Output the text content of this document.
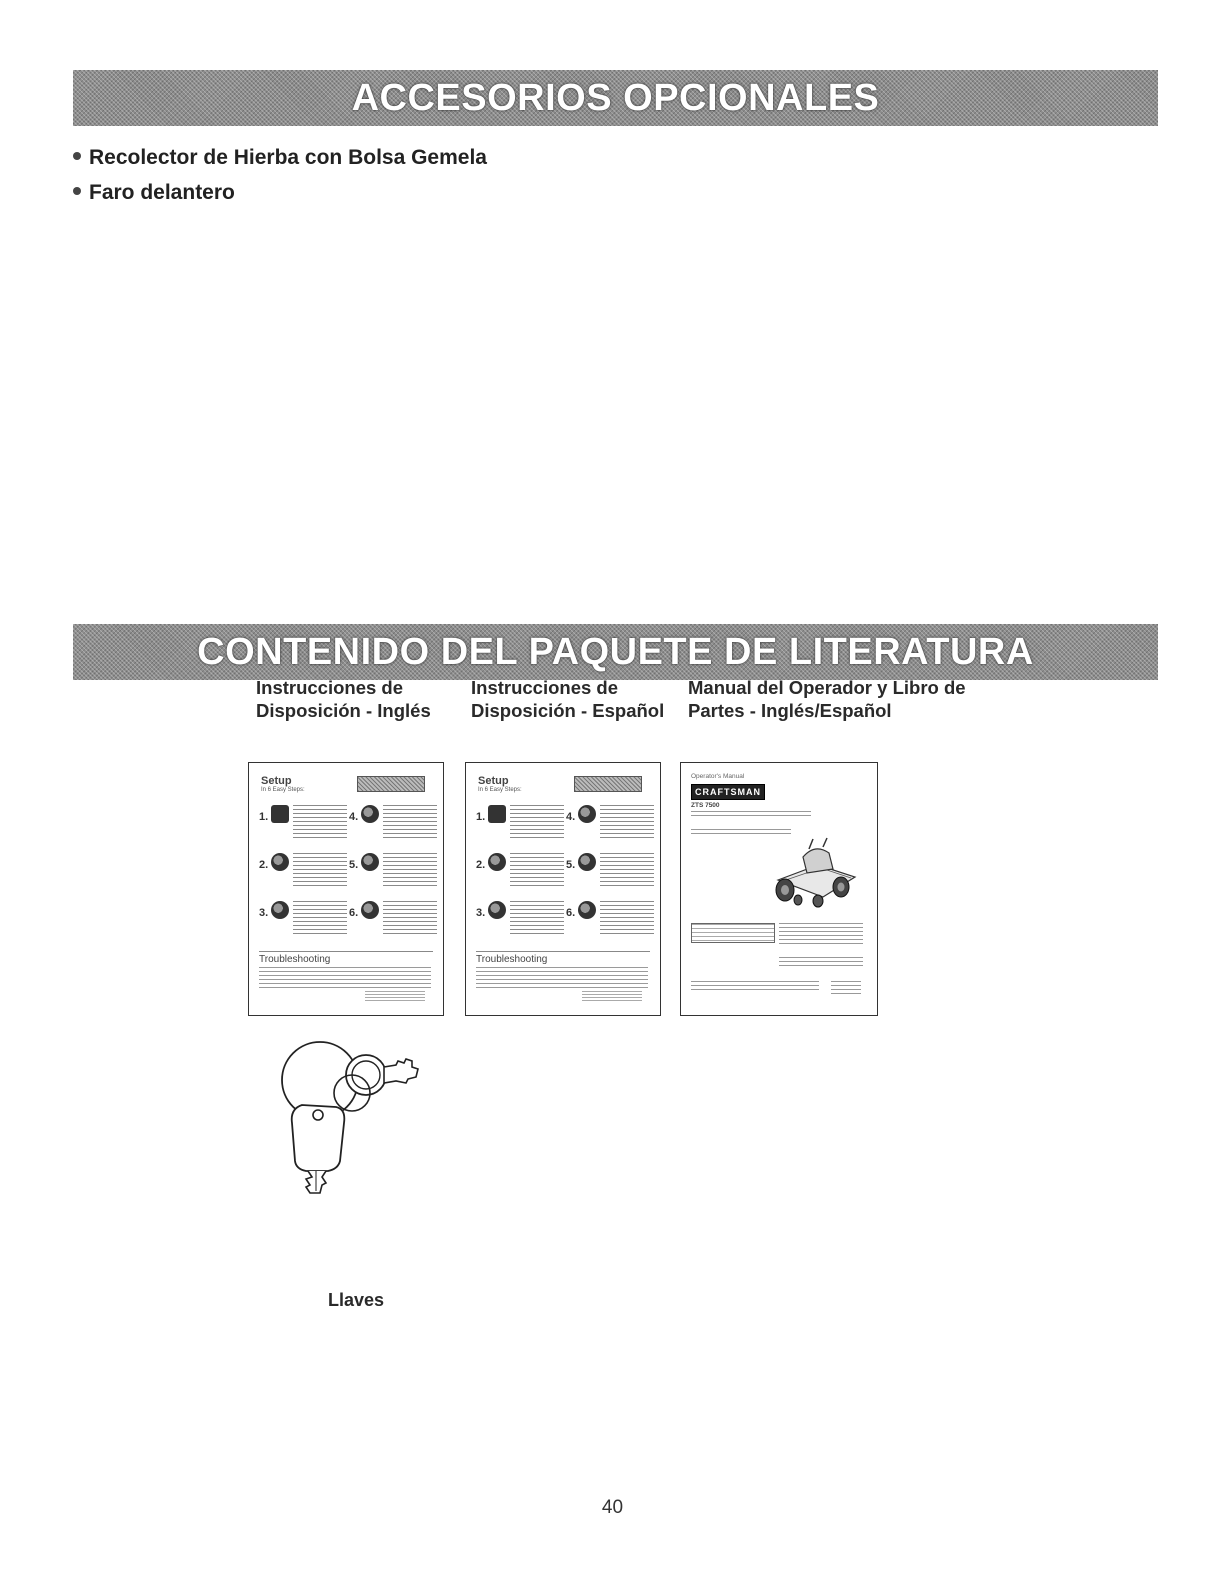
ACCESORIOS OPCIONALES
Recolector de Hierba con Bolsa Gemela
Faro delantero
CONTENIDO DEL PAQUETE DE LITERATURA
Instrucciones de
Disposición - Inglés
Instrucciones de
Disposición - Español
Manual del Operador y Libro de
Partes - Inglés/Español
Setup
In 6 Easy Steps:
1.
2.
3.
4.
5.
6.
Troubleshooting
Setup
In 6 Easy Steps:
1.
2.
3.
4.
5.
6.
Troubleshooting
Operator's Manual
CRAFTSMAN
ZTS 7500
Llaves
40
